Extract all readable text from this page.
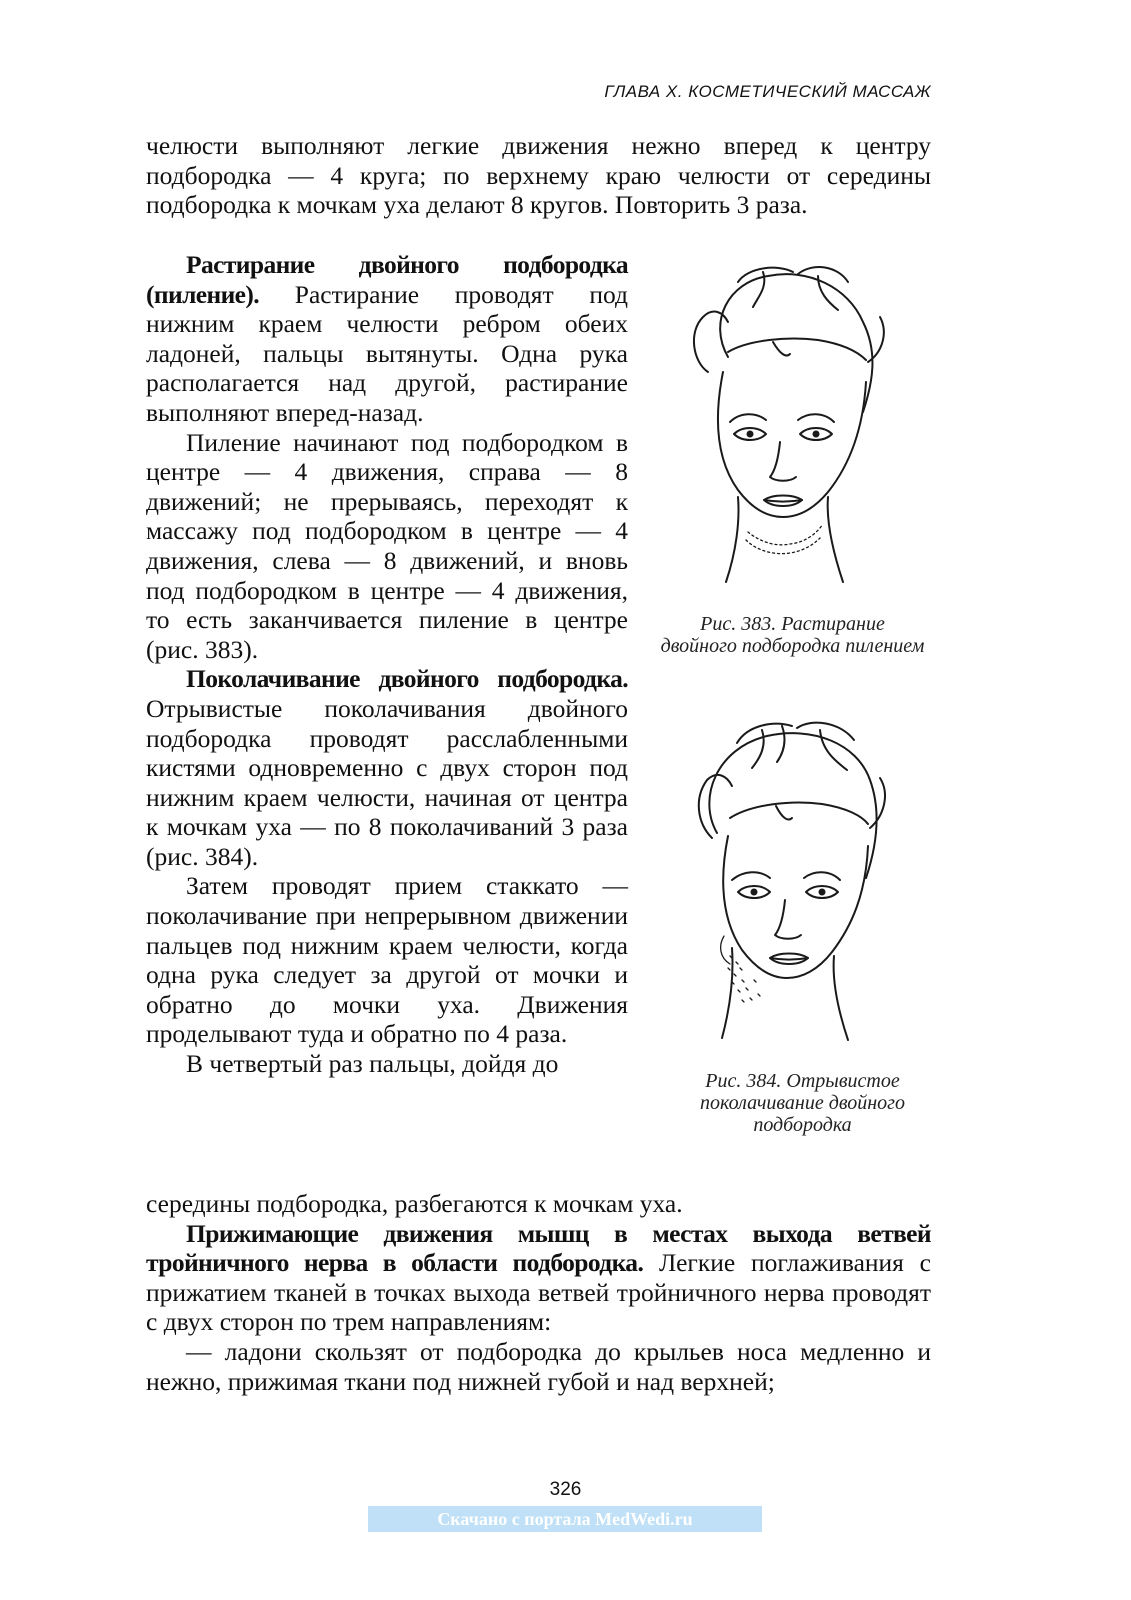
ГЛАВА X. КОСМЕТИЧЕСКИЙ МАССАЖ

челюсти выполняют легкие движения нежно вперед к центру подбородка — 4 круга; по верхнему краю челюсти от середины подбородка к мочкам уха делают 8 кругов. Повторить 3 раза.

Растирание двойного подбородка (пиление). Растирание проводят под нижним краем челюсти ребром обеих ладоней, пальцы вытянуты. Одна рука располагается над другой, растирание выполняют вперед-назад.

Пиление начинают под подбородком в центре — 4 движения, справа — 8 движений; не прерываясь, переходят к массажу под подбородком в центре — 4 движения, слева — 8 движений, и вновь под подбородком в центре — 4 движения, то есть заканчивается пиление в центре (рис. 383).

Поколачивание двойного подбородка. Отрывистые поколачивания двойного подбородка проводят расслабленными кистями одновременно с двух сторон под нижним краем челюсти, начиная от центра к мочкам уха — по 8 поколачиваний 3 раза (рис. 384).

Затем проводят прием стаккато — поколачивание при непрерывном движении пальцев под нижним краем челюсти, когда одна рука следует за другой от мочки и обратно до мочки уха. Движения проделывают туда и обратно по 4 раза.

В четвертый раз пальцы, дойдя до

середины подбородка, разбегаются к мочкам уха.

Прижимающие движения мышц в местах выхода ветвей тройничного нерва в области подбородка. Легкие поглаживания с прижатием тканей в точках выхода ветвей тройничного нерва проводят с двух сторон по трем направлениям:

— ладони скользят от подбородка до крыльев носа медленно и нежно, прижимая ткани под нижней губой и над верхней;

Рис. 383. Растирание двойного подбородка пилением
Рис. 384. Отрывистое поколачивание двойного подбородка
326
Скачано с портала MedWedi.ru
